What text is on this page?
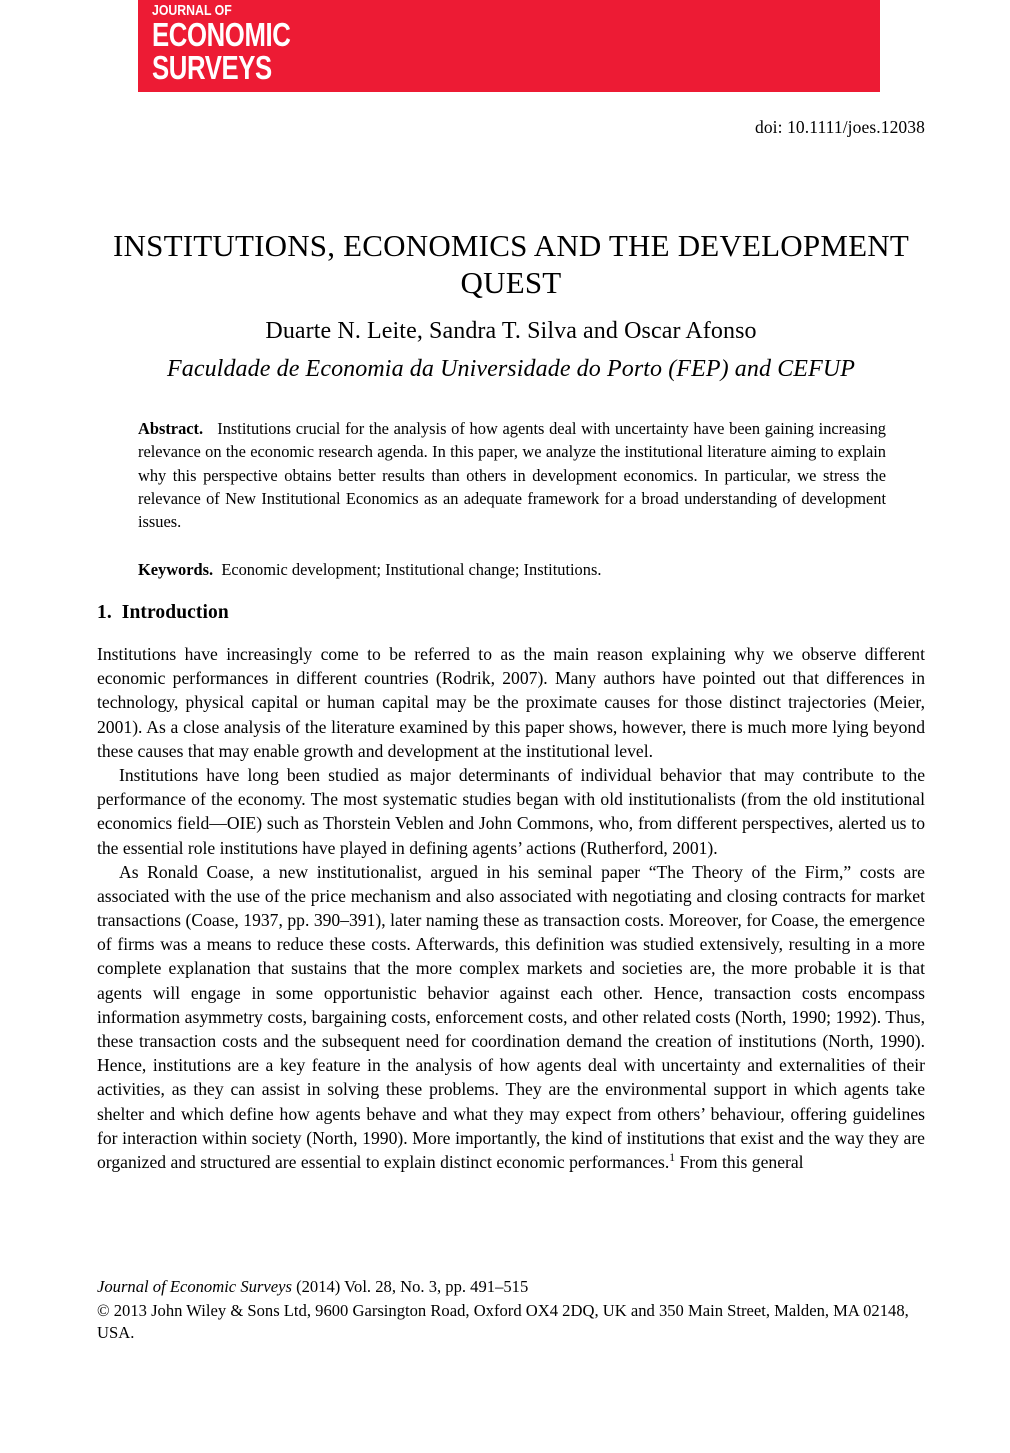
JOURNAL OF
ECONOMIC
SURVEYS
doi: 10.1111/joes.12038
INSTITUTIONS, ECONOMICS AND THE DEVELOPMENT QUEST
Duarte N. Leite, Sandra T. Silva and Oscar Afonso
Faculdade de Economia da Universidade do Porto (FEP) and CEFUP

Abstract. Institutions crucial for the analysis of how agents deal with uncertainty have been gaining increasing relevance on the economic research agenda. In this paper, we analyze the institutional literature aiming to explain why this perspective obtains better results than others in development economics. In particular, we stress the relevance of New Institutional Economics as an adequate framework for a broad understanding of development issues.

Keywords. Economic development; Institutional change; Institutions.

1. Introduction

Institutions have increasingly come to be referred to as the main reason explaining why we observe different economic performances in different countries (Rodrik, 2007). Many authors have pointed out that differences in technology, physical capital or human capital may be the proximate causes for those distinct trajectories (Meier, 2001). As a close analysis of the literature examined by this paper shows, however, there is much more lying beyond these causes that may enable growth and development at the institutional level.

Institutions have long been studied as major determinants of individual behavior that may contribute to the performance of the economy. The most systematic studies began with old institutionalists (from the old institutional economics field—OIE) such as Thorstein Veblen and John Commons, who, from different perspectives, alerted us to the essential role institutions have played in defining agents’ actions (Rutherford, 2001).

As Ronald Coase, a new institutionalist, argued in his seminal paper “The Theory of the Firm,” costs are associated with the use of the price mechanism and also associated with negotiating and closing contracts for market transactions (Coase, 1937, pp. 390–391), later naming these as transaction costs. Moreover, for Coase, the emergence of firms was a means to reduce these costs. Afterwards, this definition was studied extensively, resulting in a more complete explanation that sustains that the more complex markets and societies are, the more probable it is that agents will engage in some opportunistic behavior against each other. Hence, transaction costs encompass information asymmetry costs, bargaining costs, enforcement costs, and other related costs (North, 1990; 1992). Thus, these transaction costs and the subsequent need for coordination demand the creation of institutions (North, 1990). Hence, institutions are a key feature in the analysis of how agents deal with uncertainty and externalities of their activities, as they can assist in solving these problems. They are the environmental support in which agents take shelter and which define how agents behave and what they may expect from others’ behaviour, offering guidelines for interaction within society (North, 1990). More importantly, the kind of institutions that exist and the way they are organized and structured are essential to explain distinct economic performances.$^1$ From this general

Journal of Economic Surveys (2014) Vol. 28, No. 3, pp. 491–515

© 2013 John Wiley & Sons Ltd, 9600 Garsington Road, Oxford OX4 2DQ, UK and 350 Main Street, Malden, MA 02148, USA.
